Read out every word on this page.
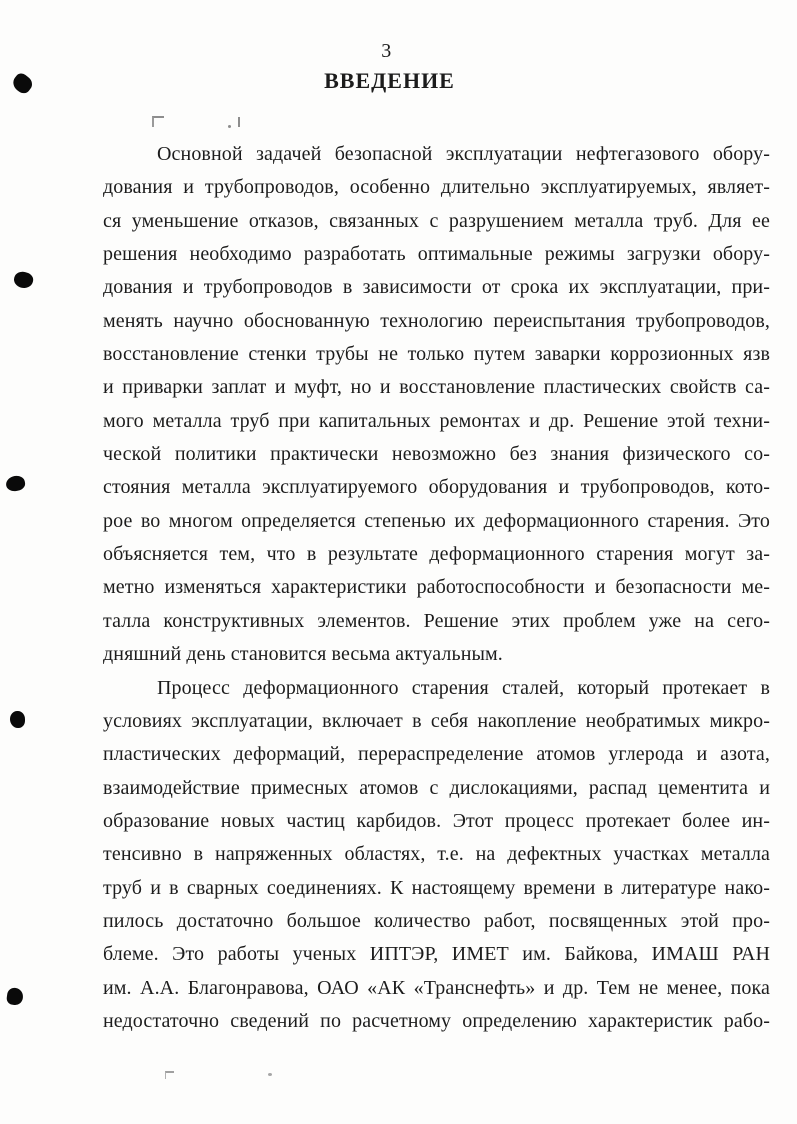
3
ВВЕДЕНИЕ
Основной задачей безопасной эксплуатации нефтегазового обору-
дования и трубопроводов, особенно длительно эксплуатируемых, являет-
ся уменьшение отказов, связанных с разрушением металла труб. Для ее
решения необходимо разработать оптимальные режимы загрузки обору-
дования и трубопроводов в зависимости от срока их эксплуатации, при-
менять научно обоснованную технологию переиспытания трубопроводов,
восстановление стенки трубы не только путем заварки коррозионных язв
и приварки заплат и муфт, но и восстановление пластических свойств са-
мого металла труб при капитальных ремонтах и др. Решение этой техни-
ческой политики практически невозможно без знания физического со-
стояния металла эксплуатируемого оборудования и трубопроводов, кото-
рое во многом определяется степенью их деформационного старения. Это
объясняется тем, что в результате деформационного старения могут за-
метно изменяться характеристики работоспособности и безопасности ме-
талла конструктивных элементов. Решение этих проблем уже на сего-
дняшний день становится весьма актуальным.
Процесс деформационного старения сталей, который протекает в
условиях эксплуатации, включает в себя накопление необратимых микро-
пластических деформаций, перераспределение атомов углерода и азота,
взаимодействие примесных атомов с дислокациями, распад цементита и
образование новых частиц карбидов. Этот процесс протекает более ин-
тенсивно в напряженных областях, т.е. на дефектных участках металла
труб и в сварных соединениях. К настоящему времени в литературе нако-
пилось достаточно большое количество работ, посвященных этой про-
блеме. Это работы ученых ИПТЭР, ИМЕТ им. Байкова, ИМАШ РАН
им. А.А. Благонравова, ОАО «АК «Транснефть» и др. Тем не менее, пока
недостаточно сведений по расчетному определению характеристик рабо-
